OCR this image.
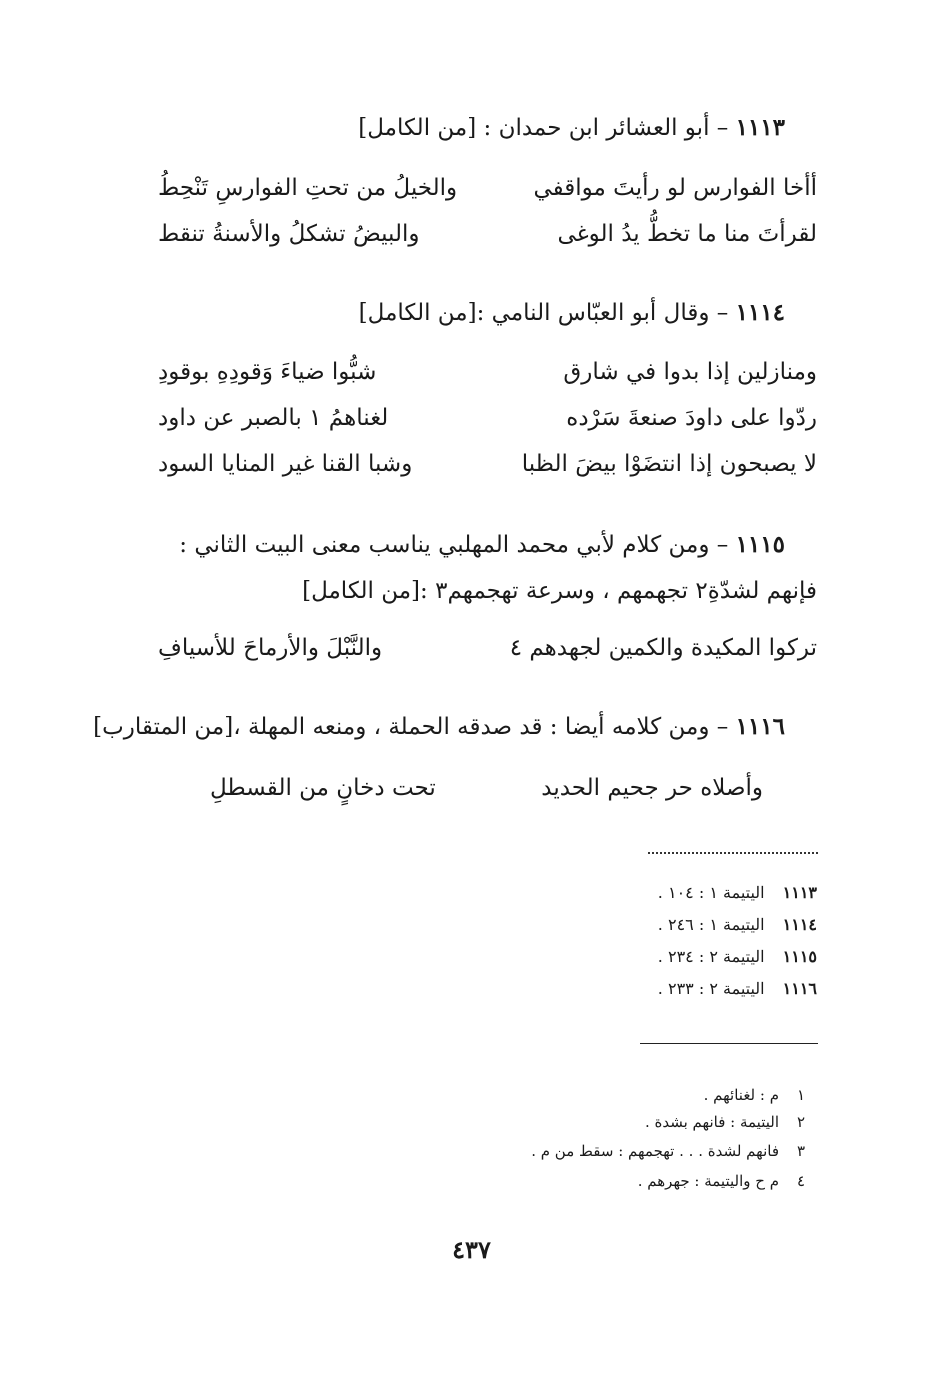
١١١٣ – أبو العشائر ابن حمدان : [من الكامل]
أأخا الفوارس لو رأيتَ مواقفي
والخيلُ من تحتِ الفوارسِ تَنْحِطُ
لقرأتَ منا ما تخطُّ يدُ الوغى
والبيضُ تشكلُ والأسنةُ تنقط
١١١٤ – وقال أبو العبّاس النامي :[من الكامل]
ومنازلين إذا بدوا في شارق
شبُّوا ضياءَ وَقودِهِ بوقودِ
ردّوا على داودَ صنعةَ سَرْده
لغناهمُ ١ بالصبر عن داود
لا يصبحون إذا انتضَوْا بيضَ الظبا
وشبا القنا غير المنايا السود
١١١٥ – ومن كلام لأبي محمد المهلبي يناسب معنى البيت الثاني :
فإنهم لشدّةِ٢ تجهمهم ، وسرعة تهجمهم٣ :[من الكامل]
تركوا المكيدة والكمين لجهدهم ٤
والنَّبْلَ والأرماحَ للأسيافِ
١١١٦ – ومن كلامه أيضا : قد صدقه الحملة ، ومنعه المهلة ،[من المتقارب]
وأصلاه حر جحيم الحديد
تحت دخانٍ من القسطلِ
١١١٣اليتيمة ١ : ١٠٤ .
١١١٤اليتيمة ١ : ٢٤٦ .
١١١٥اليتيمة ٢ : ٢٣٤ .
١١١٦اليتيمة ٢ : ٢٣٣ .
١م : لغنائهم .
٢اليتيمة : فانهم بشدة .
٣فانهم لشدة . . . تهجمهم : سقط من م .
٤م ح واليتيمة : جهرهم .
٤٣٧
